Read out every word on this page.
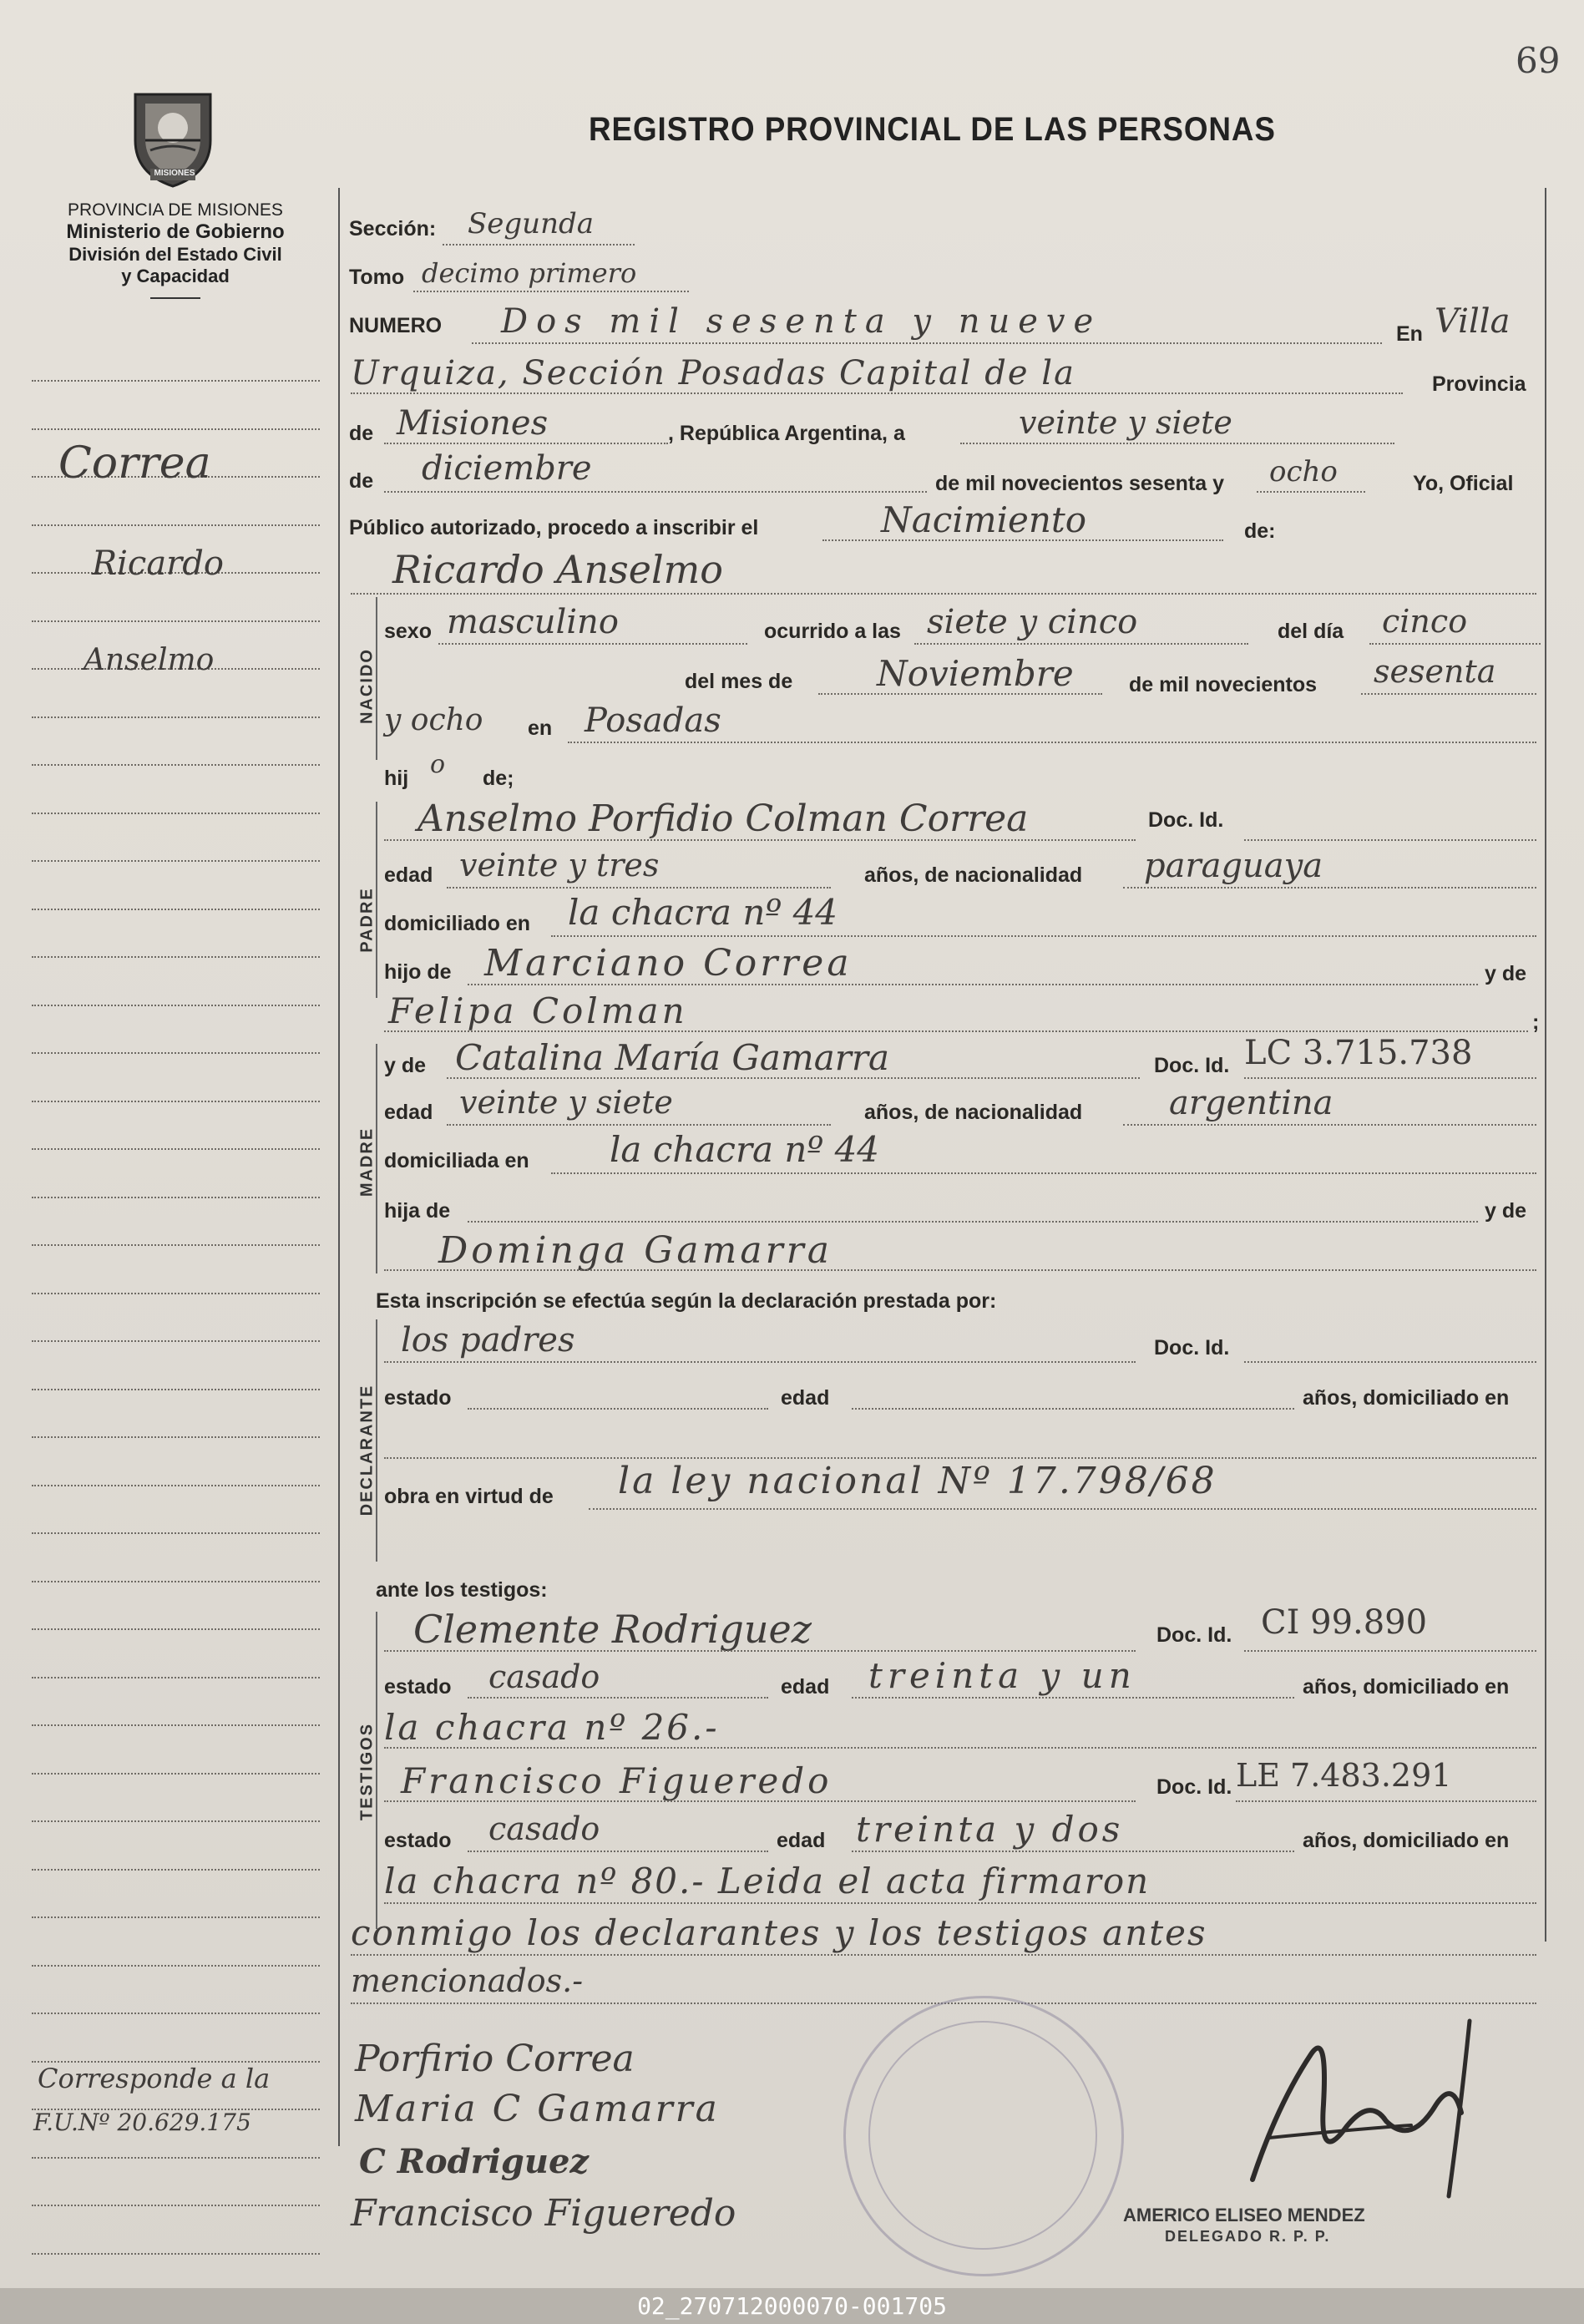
69
MISIONES
PROVINCIA DE MISIONES
Ministerio de Gobierno
División del Estado Civil
y Capacidad
REGISTRO PROVINCIAL DE LAS PERSONAS
Correa
Ricardo
Anselmo
Corresponde a la
F.U.Nº 20.629.175
NACIDO
PADRE
MADRE
DECLARANTE
TESTIGOS
Sección: Segunda
Tomo decimo primero
NUMERO Dos mil sesenta y nueve	En Villa
Urquiza, Sección Posadas Capital de la	Provincia
de Misiones	, República Argentina, a	veinte y siete
de diciembre	de mil novecientos sesenta y ocho	Yo, Oficial
Público autorizado, procedo a inscribir el	Nacimiento	de:
Ricardo Anselmo
sexo masculino	ocurrido a las siete y cinco	del día cinco
del mes de Noviembre	de mil novecientos sesenta
y ocho en Posadas
hij o de;
Anselmo Porfidio Colman Correa	Doc. Id.
edad veinte y tres	años, de nacionalidad paraguaya
domiciliado en la chacra nº 44
hijo de Marciano Correa	y de
Felipa Colman	;
y de Catalina María Gamarra	Doc. Id. LC 3.715.738
edad veinte y siete	años, de nacionalidad	argentina
domiciliada en la chacra nº 44
hija de	y de
Dominga Gamarra
Esta inscripción se efectúa según la declaración prestada por:
los padres	Doc. Id.
estado	edad	años, domiciliado en
obra en virtud de la ley nacional Nº 17.798/68
ante los testigos:
Clemente Rodriguez	Doc. Id. CI 99.890
estado casado	edad treinta y un	años, domiciliado en
la chacra nº 26.-
Francisco Figueredo	Doc. Id. LE 7.483.291
estado casado	edad treinta y dos	años, domiciliado en
la chacra nº 80.- Leida el acta firmaron
conmigo los declarantes y los testigos antes
mencionados.-
Porfirio Correa
Maria C Gamarra
C Rodriguez
Francisco Figueredo	AMERICO ELISEO MENDEZ
DELEGADO R. P. P.
02_270712000070-001705
